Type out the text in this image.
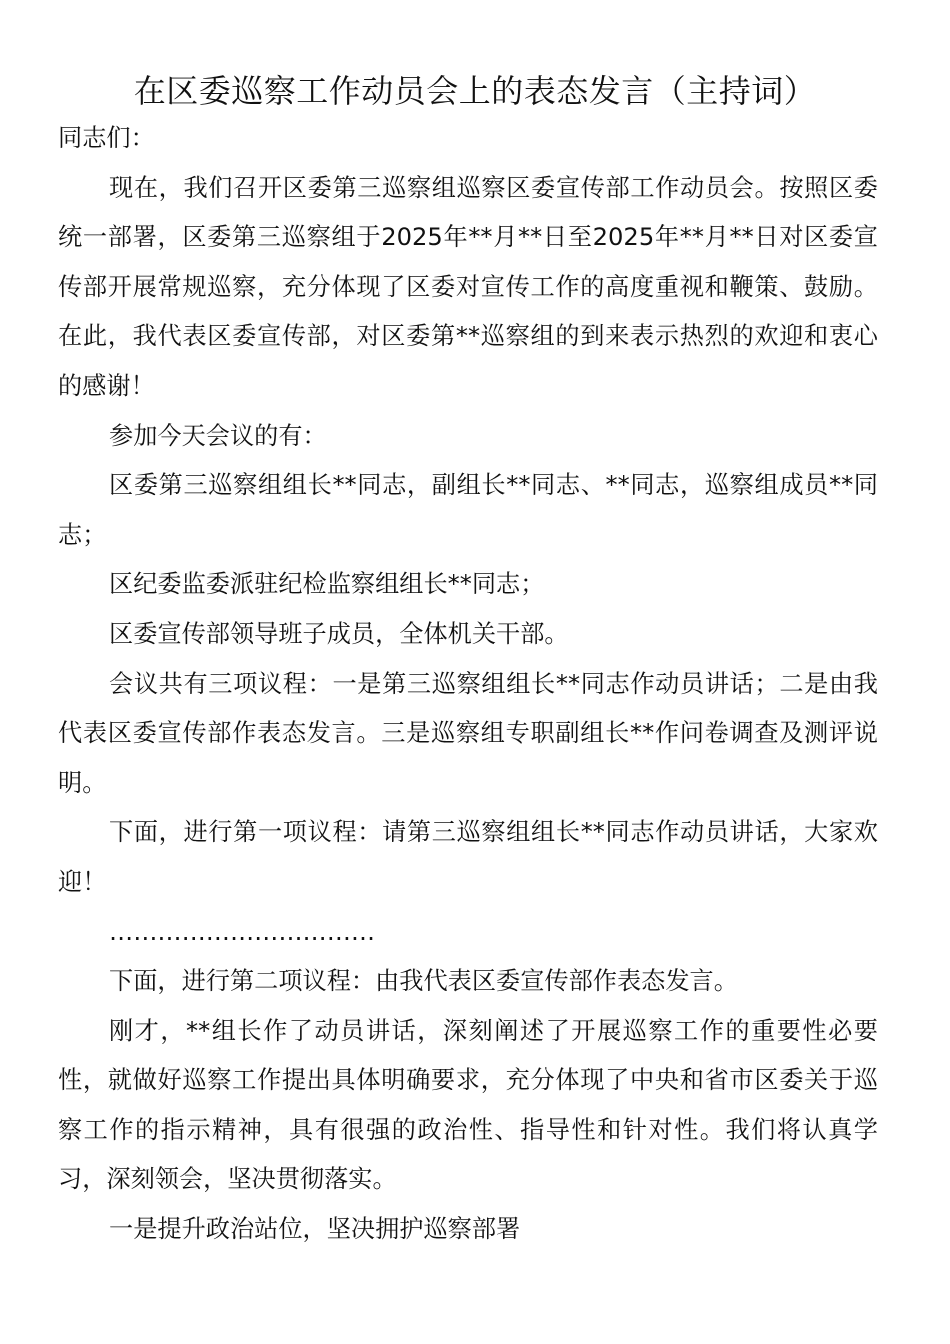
在区委巡察工作动员会上的表态发言（主持词）

同志们：

现在，我们召开区委第三巡察组巡察区委宣传部工作动员会。按照区委统一部署，区委第三巡察组于2025年**月**日至2025年**月**日对区委宣传部开展常规巡察，充分体现了区委对宣传工作的高度重视和鞭策、鼓励。在此，我代表区委宣传部，对区委第**巡察组的到来表示热烈的欢迎和衷心的感谢！

参加今天会议的有：

区委第三巡察组组长**同志，副组长**同志、**同志，巡察组成员**同志；

区纪委监委派驻纪检监察组组长**同志；

区委宣传部领导班子成员，全体机关干部。

会议共有三项议程：一是第三巡察组组长**同志作动员讲话；二是由我代表区委宣传部作表态发言。三是巡察组专职副组长**作问卷调查及测评说明。

下面，进行第一项议程：请第三巡察组组长**同志作动员讲话，大家欢迎！

……………………………

下面，进行第二项议程：由我代表区委宣传部作表态发言。

刚才，**组长作了动员讲话，深刻阐述了开展巡察工作的重要性必要性，就做好巡察工作提出具体明确要求，充分体现了中央和省市区委关于巡察工作的指示精神，具有很强的政治性、指导性和针对性。我们将认真学习，深刻领会，坚决贯彻落实。

一是提升政治站位，坚决拥护巡察部署
